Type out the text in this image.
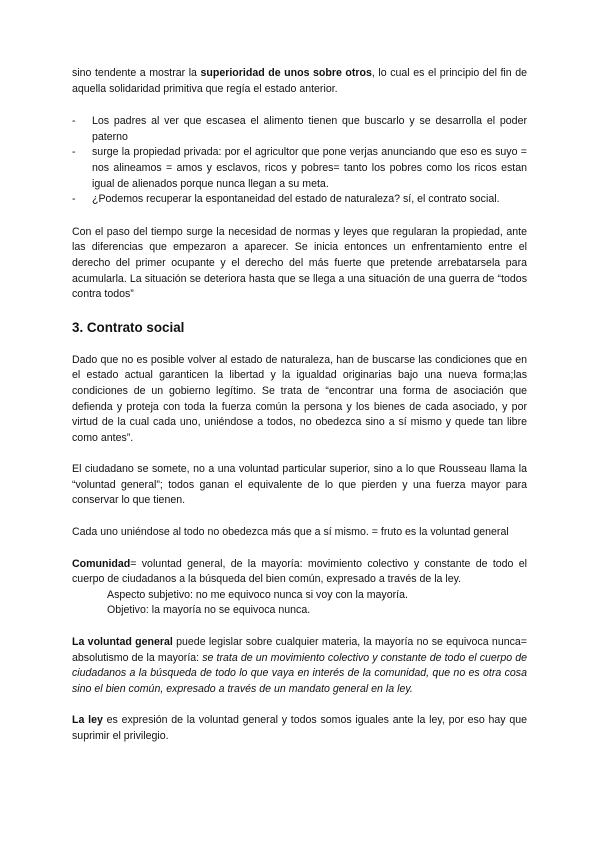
sino tendente a mostrar la superioridad de unos sobre otros, lo cual es el principio del fin de aquella solidaridad primitiva que regía el estado anterior.

- Los padres al ver que escasea el alimento tienen que buscarlo y se desarrolla el poder paterno
- surge la propiedad privada: por el agricultor que pone verjas anunciando que eso es suyo = nos alineamos = amos y esclavos, ricos y pobres= tanto los pobres como los ricos estan igual de alienados porque nunca llegan a su meta.
- ¿Podemos recuperar la espontaneidad del estado de naturaleza? sí, el contrato social.

Con el paso del tiempo surge la necesidad de normas y leyes que regularan la propiedad, ante las diferencias que empezaron a aparecer. Se inicia entonces un enfrentamiento entre el derecho del primer ocupante y el derecho del más fuerte que pretende arrebatarsela para acumularla. La situación se deteriora hasta que se llega a una situación de una guerra de “todos contra todos”

3. Contrato social

Dado que no es posible volver al estado de naturaleza, han de buscarse las condiciones que en el estado actual garanticen la libertad y la igualdad originarias bajo una nueva forma;las condiciones de un gobierno legítimo. Se trata de “encontrar una forma de asociación que defienda y proteja con toda la fuerza común la persona y los bienes de cada asociado, y por virtud de la cual cada uno, uniéndose a todos, no obedezca sino a sí mismo y quede tan libre como antes”.

El ciudadano se somete, no a una voluntad particular superior, sino a lo que Rousseau llama la “voluntad general”; todos ganan el equivalente de lo que pierden y una fuerza mayor para conservar lo que tienen.

Cada uno uniéndose al todo no obedezca más que a sí mismo. = fruto es la voluntad general

Comunidad= voluntad general, de la mayoría: movimiento colectivo y constante de todo el cuerpo de ciudadanos a la búsqueda del bien común, expresado a través de la ley.

Aspecto subjetivo: no me equivoco nunca si voy con la mayoría.

Objetivo: la mayoría no se equivoca nunca.

La voluntad general puede legislar sobre cualquier materia, la mayoría no se equivoca nunca= absolutismo de la mayoría: se trata de un movimiento colectivo y constante de todo el cuerpo de ciudadanos a la búsqueda de todo lo que vaya en interés de la comunidad, que no es otra cosa sino el bien común, expresado a través de un mandato general en la ley.

La ley es expresión de la voluntad general y todos somos iguales ante la ley, por eso hay que suprimir el privilegio.
